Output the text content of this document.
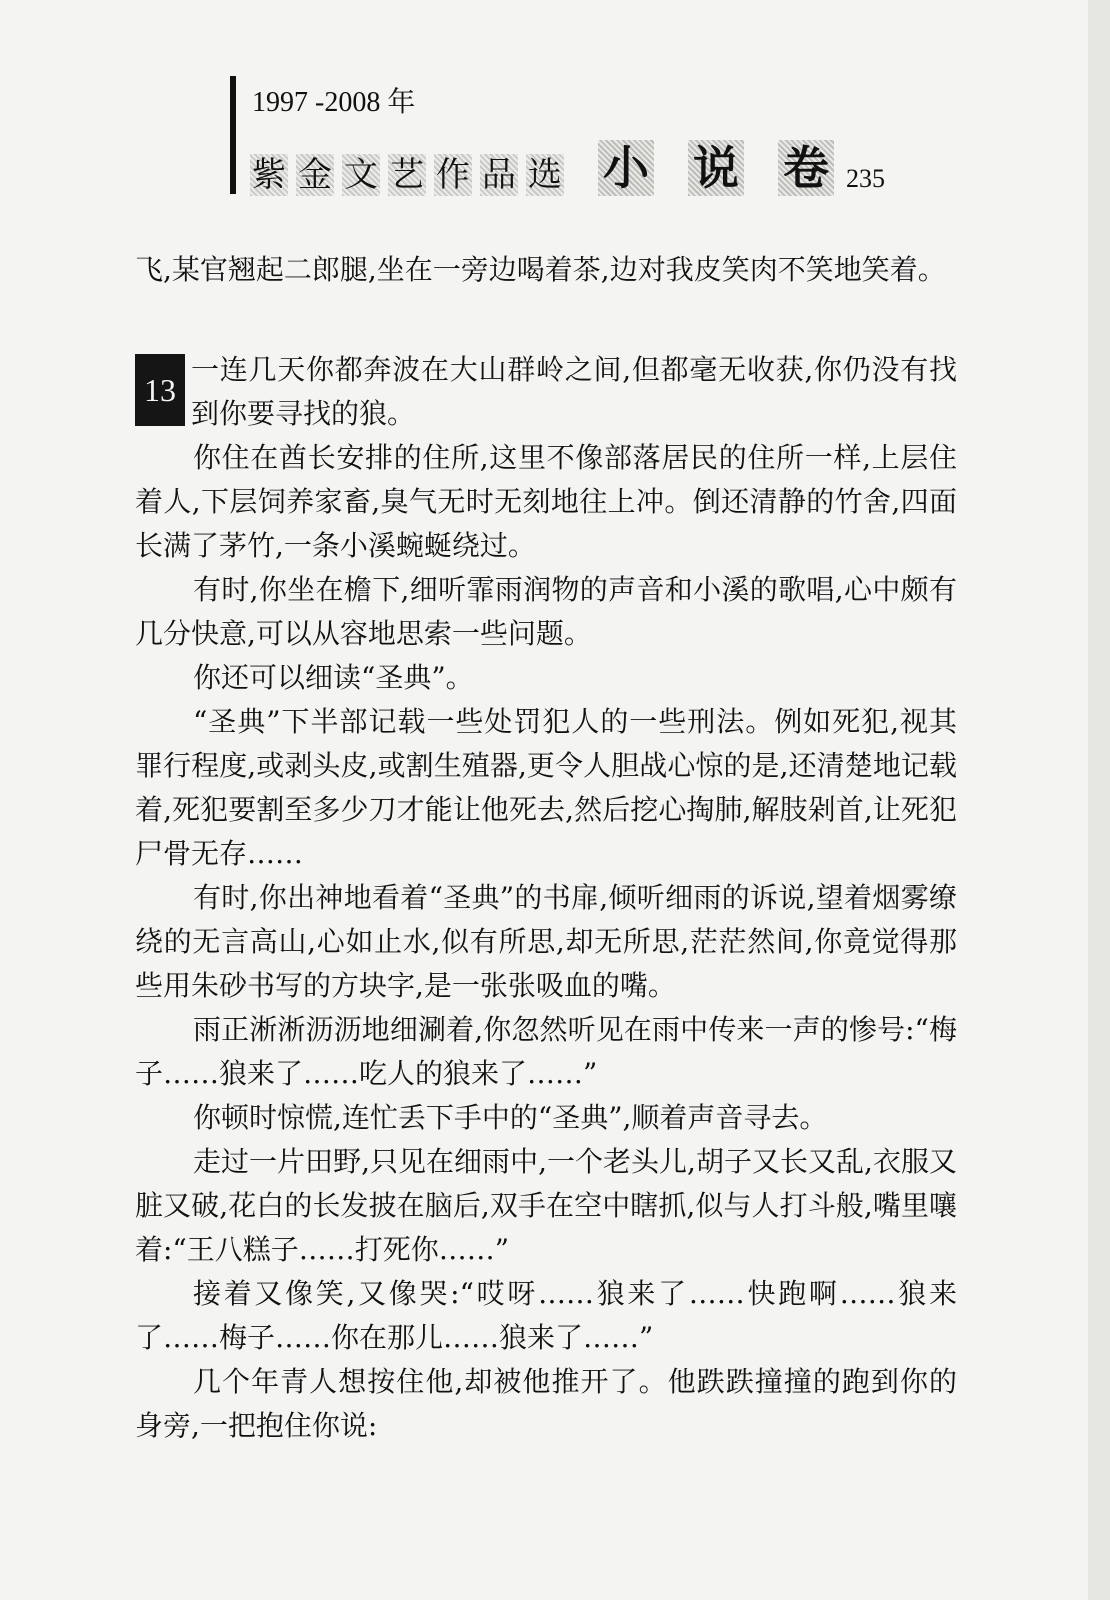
1997 -2008 年
紫 金 文 艺 作 品 选 小 说 卷 235

飞,某官翘起二郎腿,坐在一旁边喝着茶,边对我皮笑肉不笑地笑着。

13

一连几天你都奔波在大山群岭之间,但都毫无收获,你仍没有找到你要寻找的狼。

你住在酋长安排的住所,这里不像部落居民的住所一样,上层住着人,下层饲养家畜,臭气无时无刻地往上冲。倒还清静的竹舍,四面长满了茅竹,一条小溪蜿蜒绕过。

有时,你坐在檐下,细听霏雨润物的声音和小溪的歌唱,心中颇有几分快意,可以从容地思索一些问题。

你还可以细读“圣典”。

“圣典”下半部记载一些处罚犯人的一些刑法。例如死犯,视其罪行程度,或剥头皮,或割生殖器,更令人胆战心惊的是,还清楚地记载着,死犯要割至多少刀才能让他死去,然后挖心掏肺,解肢剁首,让死犯尸骨无存……

有时,你出神地看着“圣典”的书扉,倾听细雨的诉说,望着烟雾缭绕的无言高山,心如止水,似有所思,却无所思,茫茫然间,你竟觉得那些用朱砂书写的方块字,是一张张吸血的嘴。

雨正淅淅沥沥地细涮着,你忽然听见在雨中传来一声的惨号:“梅子……狼来了……吃人的狼来了……”

你顿时惊慌,连忙丢下手中的“圣典”,顺着声音寻去。

走过一片田野,只见在细雨中,一个老头儿,胡子又长又乱,衣服又脏又破,花白的长发披在脑后,双手在空中瞎抓,似与人打斗般,嘴里嚷着:“王八糕子……打死你……”

接着又像笑,又像哭:“哎呀……狼来了……快跑啊……狼来了……梅子……你在那儿……狼来了……”

几个年青人想按住他,却被他推开了。他跌跌撞撞的跑到你的身旁,一把抱住你说:
